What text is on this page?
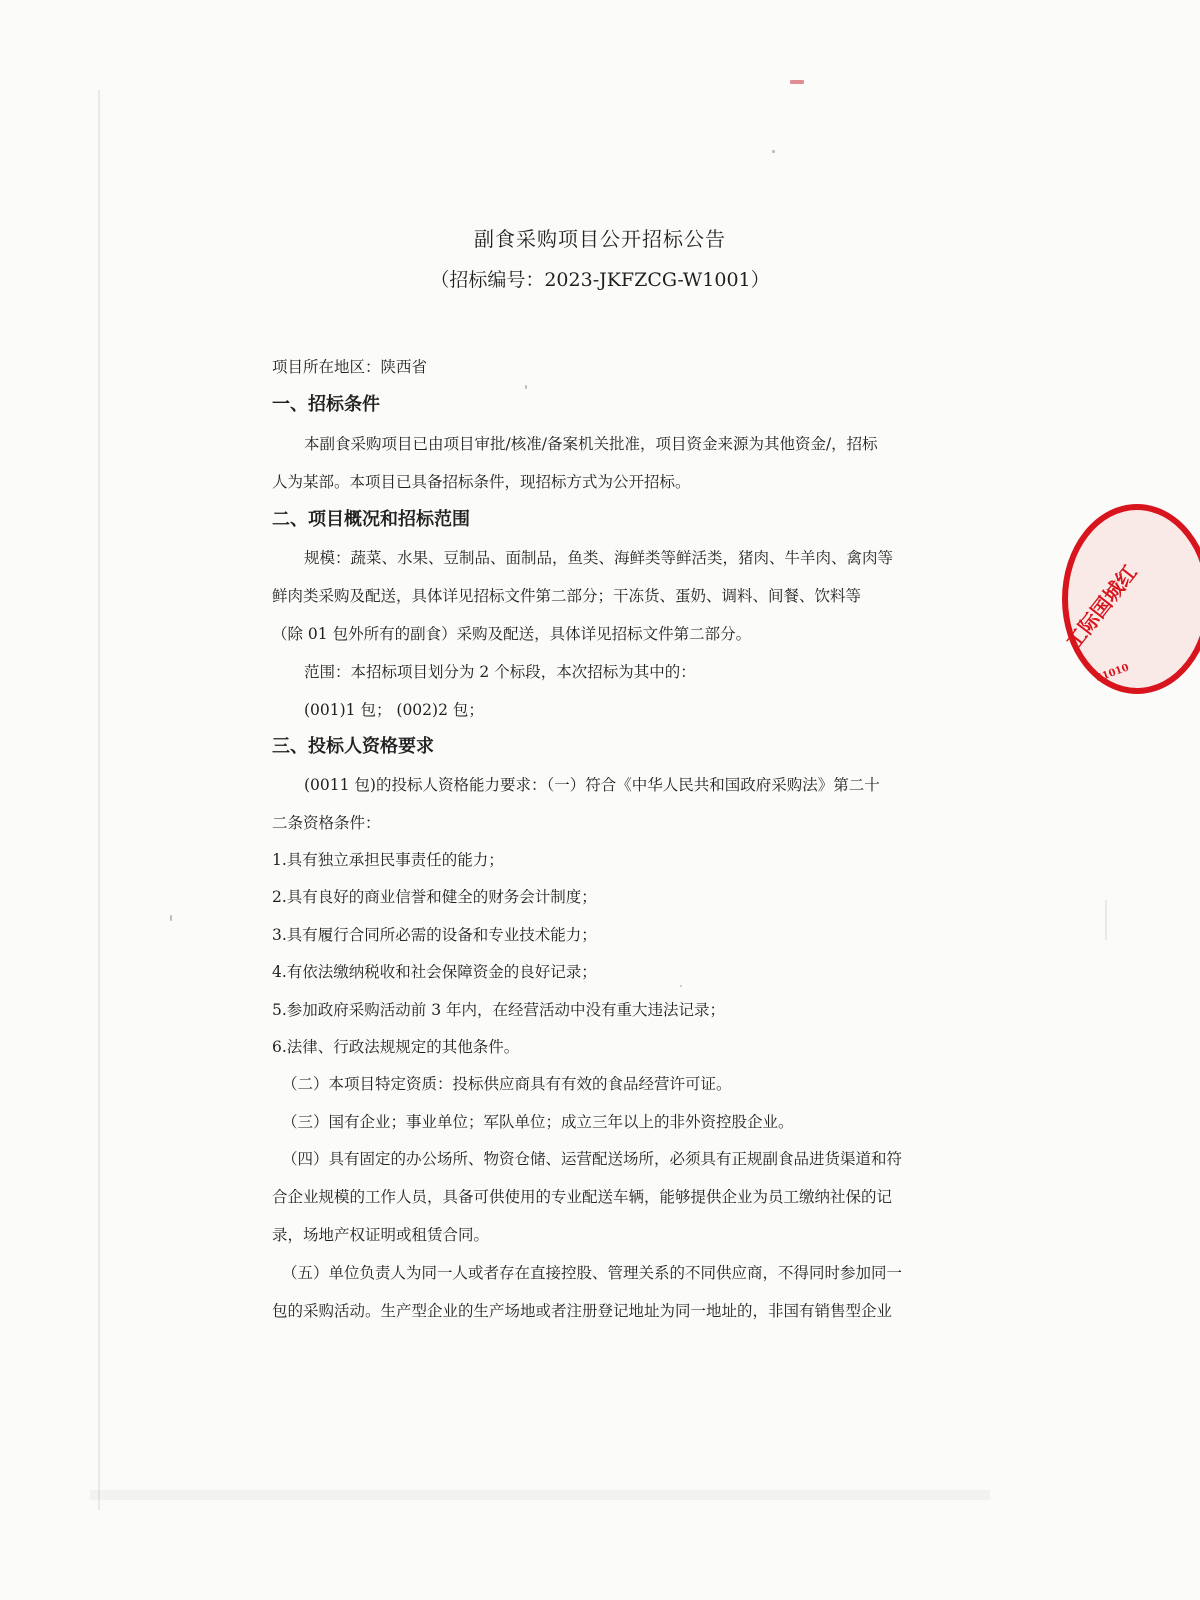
副食采购项目公开招标公告
（招标编号：2023-JKFZCG-W1001）
项目所在地区：陕西省
一、招标条件
本副食采购项目已由项目审批/核准/备案机关批准，项目资金来源为其他资金/，招标
人为某部。本项目已具备招标条件，现招标方式为公开招标。
二、项目概况和招标范围
规模：蔬菜、水果、豆制品、面制品，鱼类、海鲜类等鲜活类，猪肉、牛羊肉、禽肉等
鲜肉类采购及配送，具体详见招标文件第二部分；干冻货、蛋奶、调料、间餐、饮料等
（除 01 包外所有的副食）采购及配送，具体详见招标文件第二部分。
范围：本招标项目划分为 2 个标段，本次招标为其中的：
(001)1 包； (002)2 包；
三、投标人资格要求
(0011 包)的投标人资格能力要求：（一）符合《中华人民共和国政府采购法》第二十
二条资格条件：
1.具有独立承担民事责任的能力；
2.具有良好的商业信誉和健全的财务会计制度；
3.具有履行合同所必需的设备和专业技术能力；
4.有依法缴纳税收和社会保障资金的良好记录；
5.参加政府采购活动前 3 年内，在经营活动中没有重大违法记录；
6.法律、行政法规规定的其他条件。
（二）本项目特定资质：投标供应商具有有效的食品经营许可证。
（三）国有企业；事业单位；军队单位；成立三年以上的非外资控股企业。
（四）具有固定的办公场所、物资仓储、运营配送场所，必须具有正规副食品进货渠道和符
合企业规模的工作人员，具备可供使用的专业配送车辆，能够提供企业为员工缴纳社保的记
录，场地产权证明或租赁合同。
（五）单位负责人为同一人或者存在直接控股、管理关系的不同供应商，不得同时参加同一
包的采购活动。生产型企业的生产场地或者注册登记地址为同一地址的，非国有销售型企业
工际国城红
61010
